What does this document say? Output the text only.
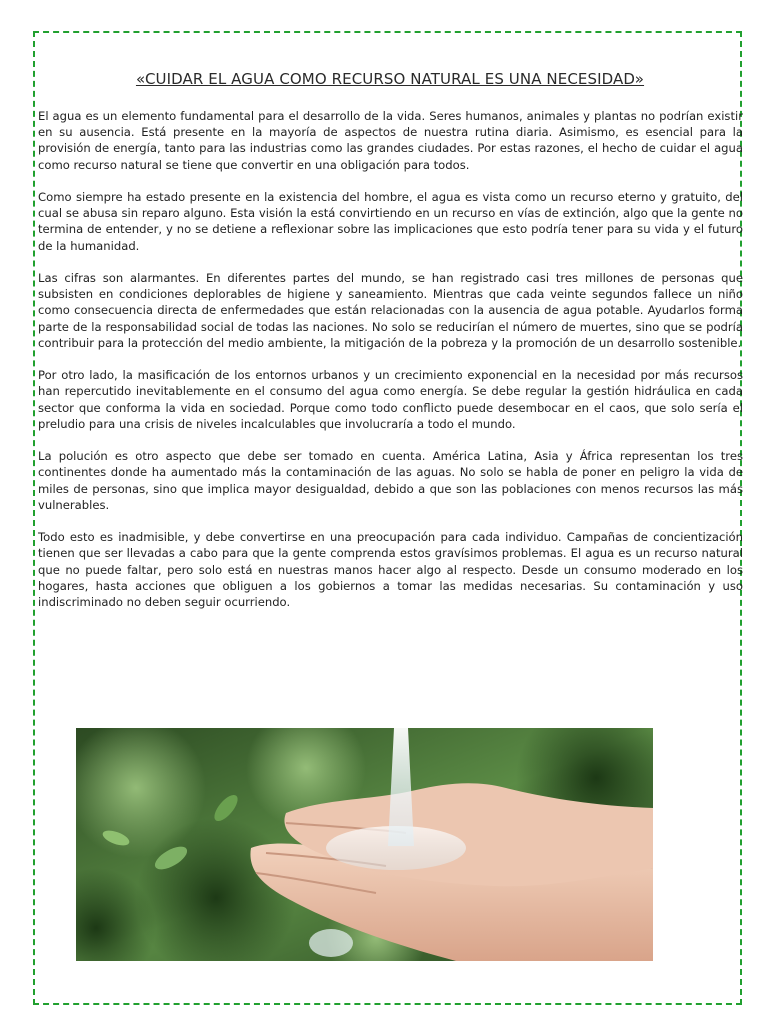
«CUIDAR EL AGUA COMO RECURSO NATURAL ES UNA NECESIDAD»

El agua es un elemento fundamental para el desarrollo de la vida. Seres humanos, animales y plantas no podrían existir en su ausencia. Está presente en la mayoría de aspectos de nuestra rutina diaria. Asimismo, es esencial para la provisión de energía, tanto para las industrias como las grandes ciudades. Por estas razones, el hecho de cuidar el agua como recurso natural se tiene que convertir en una obligación para todos.

Como siempre ha estado presente en la existencia del hombre, el agua es vista como un recurso eterno y gratuito, del cual se abusa sin reparo alguno. Esta visión la está convirtiendo en un recurso en vías de extinción, algo que la gente no termina de entender, y no se detiene a reflexionar sobre las implicaciones que esto podría tener para su vida y el futuro de la humanidad.

Las cifras son alarmantes. En diferentes partes del mundo, se han registrado casi tres millones de personas que subsisten en condiciones deplorables de higiene y saneamiento. Mientras que cada veinte segundos fallece un niño como consecuencia directa de enfermedades que están relacionadas con la ausencia de agua potable. Ayudarlos forma parte de la responsabilidad social de todas las naciones. No solo se reducirían el número de muertes, sino que se podría contribuir para la protección del medio ambiente, la mitigación de la pobreza y la promoción de un desarrollo sostenible.

Por otro lado, la masificación de los entornos urbanos y un crecimiento exponencial en la necesidad por más recursos han repercutido inevitablemente en el consumo del agua como energía. Se debe regular la gestión hidráulica en cada sector que conforma la vida en sociedad. Porque como todo conflicto puede desembocar en el caos, que solo sería el preludio para una crisis de niveles incalculables que involucraría a todo el mundo.

La polución es otro aspecto que debe ser tomado en cuenta. América Latina, Asia y África representan los tres continentes donde ha aumentado más la contaminación de las aguas. No solo se habla de poner en peligro la vida de miles de personas, sino que implica mayor desigualdad, debido a que son las poblaciones con menos recursos las más vulnerables.

Todo esto es inadmisible, y debe convertirse en una preocupación para cada individuo. Campañas de concientización tienen que ser llevadas a cabo para que la gente comprenda estos gravísimos problemas. El agua es un recurso natural que no puede faltar, pero solo está en nuestras manos hacer algo al respecto. Desde un consumo moderado en los hogares, hasta acciones que obliguen a los gobiernos a tomar las medidas necesarias. Su contaminación y uso indiscriminado no deben seguir ocurriendo.
